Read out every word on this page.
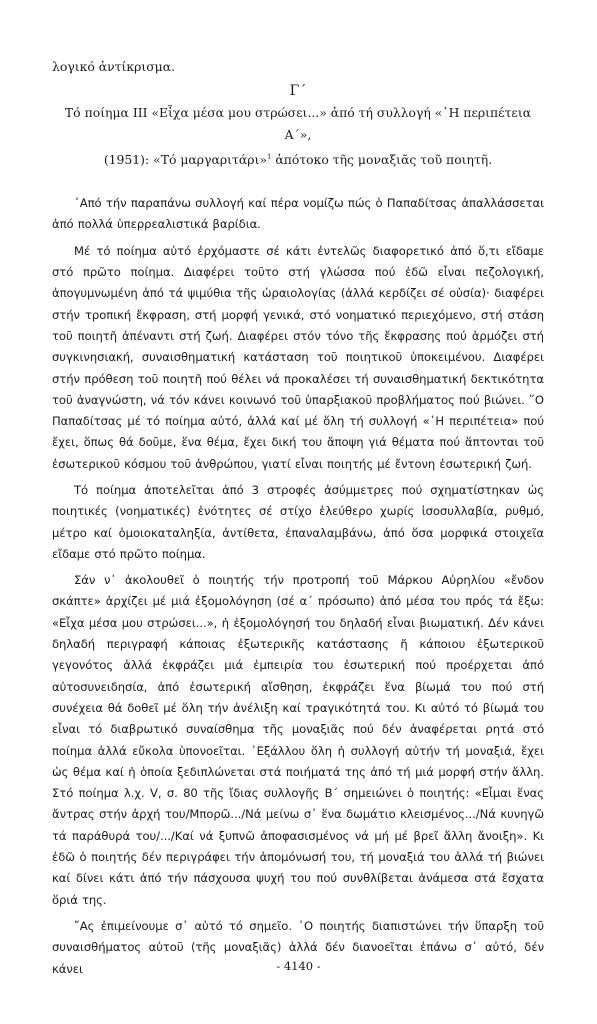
λογικό ἀντίκρισμα.

Γ΄

Τό ποίημα ΙΙΙ «Εἶχα μέσα μου στρώσει...» ἀπό τή συλλογή «῾Η περιπέτεια Α΄»,

(1951): «Τό μαργαριτάρι»$^1$ ἀπότοκο τῆς μοναξιᾶς τοῦ ποιητῆ.

᾿Από τήν παραπάνω συλλογή καί πέρα νομίζω πώς ὁ Παπαδίτσας ἀπαλλάσσεται ἀπό πολλά ὑπερρεαλιστικά βαρίδια.

Μέ τό ποίημα αὐτό ἐρχόμαστε σέ κάτι ἐντελῶς διαφορετικό ἀπό ὅ,τι εἴδαμε στό πρῶτο ποίημα. Διαφέρει τοῦτο στή γλώσσα πού ἐδῶ εἶναι πεζολογική, ἀπογυμνωμένη ἀπό τά ψιμύθια τῆς ὡραιολογίας (ἀλλά κερδίζει σέ οὐσία)· διαφέρει στήν τροπική ἔκφραση, στή μορφή γενικά, στό νοηματικό περιεχόμενο, στή στάση τοῦ ποιητῆ ἀπέναντι στή ζωή. Διαφέρει στόν τόνο τῆς ἔκφρασης πού ἁρμόζει στή συγκινησιακή, συναισθηματική κατάσταση τοῦ ποιητικοῦ ὑποκειμένου. Διαφέρει στήν πρόθεση τοῦ ποιητῆ πού θέλει νά προκαλέσει τή συναισθηματική δεκτικότητα τοῦ ἀναγνώστη, νά τόν κάνει κοινωνό τοῦ ὑπαρξιακοῦ προβλήματος πού βιώνει. ῞Ο Παπαδίτσας μέ τό ποίημα αὐτό, ἀλλά καί μέ ὅλη τή συλλογή «῾Η περιπέτεια» πού ἔχει, ὅπως θά δοῦμε, ἕνα θέμα, ἔχει δική του ἄποψη γιά θέματα πού ἅπτονται τοῦ ἐσωτερικοῦ κόσμου τοῦ ἀνθρώπου, γιατί εἶναι ποιητής μέ ἔντονη ἐσωτερική ζωή.

Τό ποίημα ἀποτελεῖται ἀπό 3 στροφές ἀσύμμετρες πού σχηματίστηκαν ὡς ποιητικές (νοηματικές) ἑνότητες σέ στίχο ἐλεύθερο χωρίς ἰσοσυλλαβία, ρυθμό, μέτρο καί ὁμοιοκαταληξία, ἀντίθετα, ἐπαναλαμβάνω, ἀπό ὅσα μορφικά στοιχεῖα εἴδαμε στό πρῶτο ποίημα.

Σάν ν᾿ ἀκολουθεῖ ὁ ποιητής τήν προτροπή τοῦ Μάρκου Αὐρηλίου «ἔνδον σκάπτε» ἀρχίζει μέ μιά ἐξομολόγηση (σέ α΄ πρόσωπο) ἀπό μέσα του πρός τά ἔξω: «Εἶχα μέσα μου στρώσει...», ἡ ἐξομολόγησή του δηλαδή εἶναι βιωματική. Δέν κάνει δηλαδή περιγραφή κάποιας ἐξωτερικῆς κατάστασης ἤ κάποιου ἐξωτερικοῦ γεγονότος ἀλλά ἐκφράζει μιά ἐμπειρία του ἐσωτερική πού προέρχεται ἀπό αὐτοσυνειδησία, ἀπό ἐσωτερική αἴσθηση, ἐκφράζει ἕνα βίωμά του πού στή συνέχεια θά δοθεῖ μέ ὅλη τήν ἀνέλιξη καί τραγικότητά του. Κι αὐτό τό βίωμά του εἶναι τό διαβρωτικό συναίσθημα τῆς μοναξιᾶς πού δέν ἀναφέρεται ρητά στό ποίημα ἀλλά εὔκολα ὑπονοεῖται. ᾿Εξάλλου ὅλη ἡ συλλογή αὐτήν τή μοναξιά, ἔχει ὡς θέμα καί ἡ ὁποία ξεδιπλώνεται στά ποιήματά της ἀπό τή μιά μορφή στήν ἄλλη. Στό ποίημα λ.χ. V, σ. 80 τῆς ἴδιας συλλογῆς Β΄ σημειώνει ὁ ποιητής: «Εἶμαι ἕνας ἄντρας στήν ἀρχή του/Μπορῶ.../Νά μείνω σ᾿ ἕνα δωμάτιο κλεισμένος.../Νά κυνηγῶ τά παράθυρά του/.../Καί νά ξυπνῶ ἀποφασισμένος νά μή μέ βρεῖ ἄλλη ἄνοιξη». Κι ἐδῶ ὁ ποιητής δέν περιγράφει τήν ἀπομόνωσή του, τή μοναξιά του ἀλλά τή βιώνει καί δίνει κάτι ἀπό τήν πάσχουσα ψυχή του πού συνθλίβεται ἀνάμεσα στά ἔσχατα ὅριά της.

῎Ας ἐπιμείνουμε σ᾿ αὐτό τό σημεῖο. ῾Ο ποιητής διαπιστώνει τήν ὕπαρξη τοῦ συναισθήματος αὐτοῦ (τῆς μοναξιᾶς) ἀλλά δέν διανοεῖται ἐπάνω σ᾿ αὐτό, δέν κάνει	- 4140 -
